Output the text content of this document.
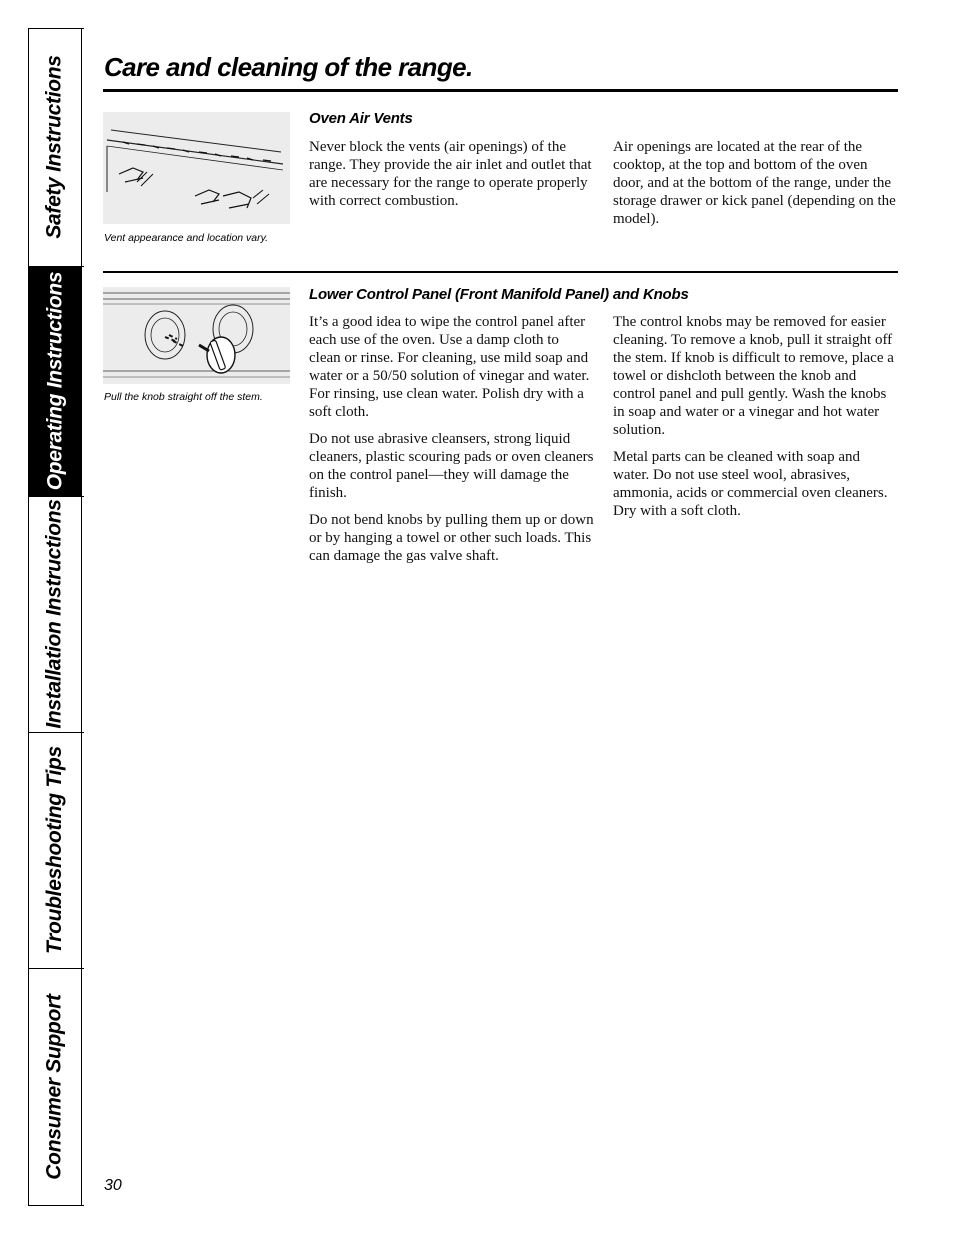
Safety Instructions
Operating Instructions
Installation Instructions
Troubleshooting Tips
Consumer Support
Care and cleaning of the range.
Vent appearance and location vary.
Oven Air Vents

Never block the vents (air openings) of the range. They provide the air inlet and outlet that are necessary for the range to operate properly with correct combustion.

Air openings are located at the rear of the cooktop, at the top and bottom of the oven door, and at the bottom of the range, under the storage drawer or kick panel (depending on the model).

Pull the knob straight off the stem.
Lower Control Panel (Front Manifold Panel) and Knobs

It’s a good idea to wipe the control panel after each use of the oven. Use a damp cloth to clean or rinse. For cleaning, use mild soap and water or a 50/50 solution of vinegar and water. For rinsing, use clean water. Polish dry with a soft cloth.

Do not use abrasive cleansers, strong liquid cleaners, plastic scouring pads or oven cleaners on the control panel—they will damage the finish.

Do not bend knobs by pulling them up or down or by hanging a towel or other such loads. This can damage the gas valve shaft.

The control knobs may be removed for easier cleaning. To remove a knob, pull it straight off the stem. If knob is difficult to remove, place a towel or dishcloth between the knob and control panel and pull gently. Wash the knobs in soap and water or a vinegar and hot water solution.

Metal parts can be cleaned with soap and water. Do not use steel wool, abrasives, ammonia, acids or commercial oven cleaners. Dry with a soft cloth.

30
